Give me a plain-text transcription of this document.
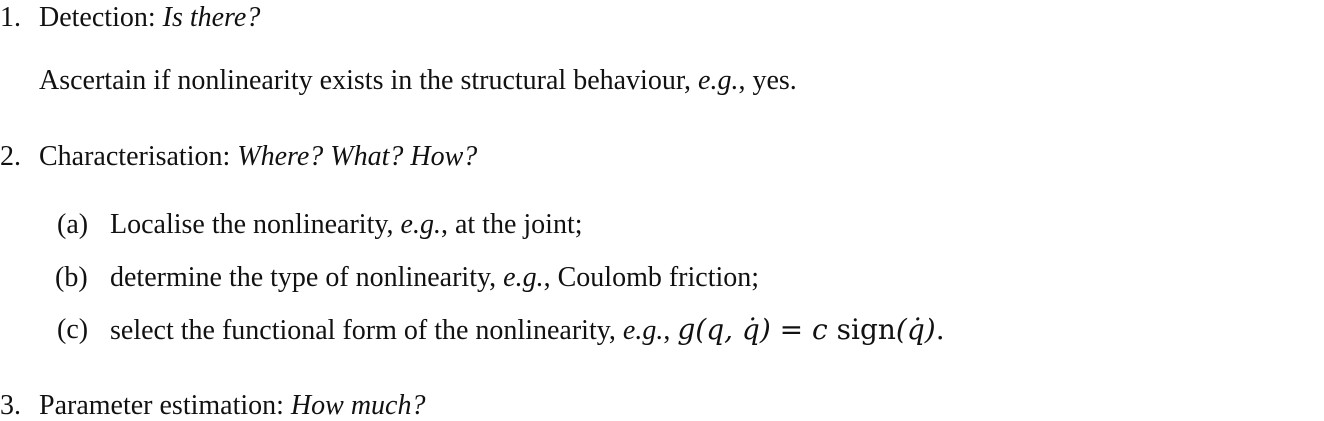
1. Detection: Is there?
Ascertain if nonlinearity exists in the structural behaviour, e.g., yes.
2. Characterisation: Where? What? How?
(a) Localise the nonlinearity, e.g., at the joint;
(b) determine the type of nonlinearity, e.g., Coulomb friction;
(c) select the functional form of the nonlinearity, e.g., g(q, q̇) = c sign(q̇).
3. Parameter estimation: How much?
